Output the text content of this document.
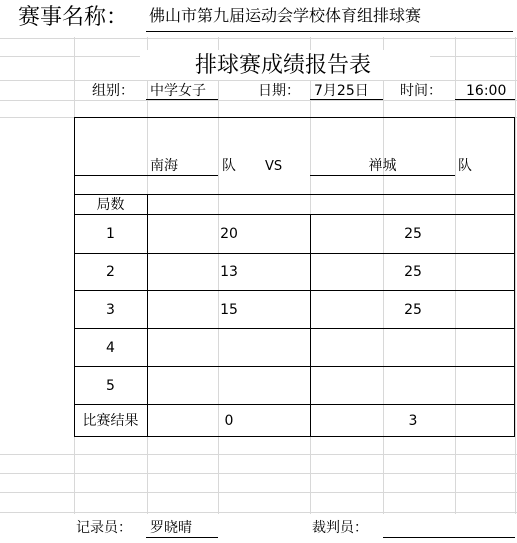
赛事名称： 佛山市第九届运动会学校体育组排球赛
排球赛成绩报告表
组别： 中学女子	日期： 7月25日 时间： 16:00
南海	队 VS	禅城	队
局数
1	20	25
2	13	25
3	15	25
4
5
比赛结果	0	3
记录员： 罗晓晴	裁判员：
